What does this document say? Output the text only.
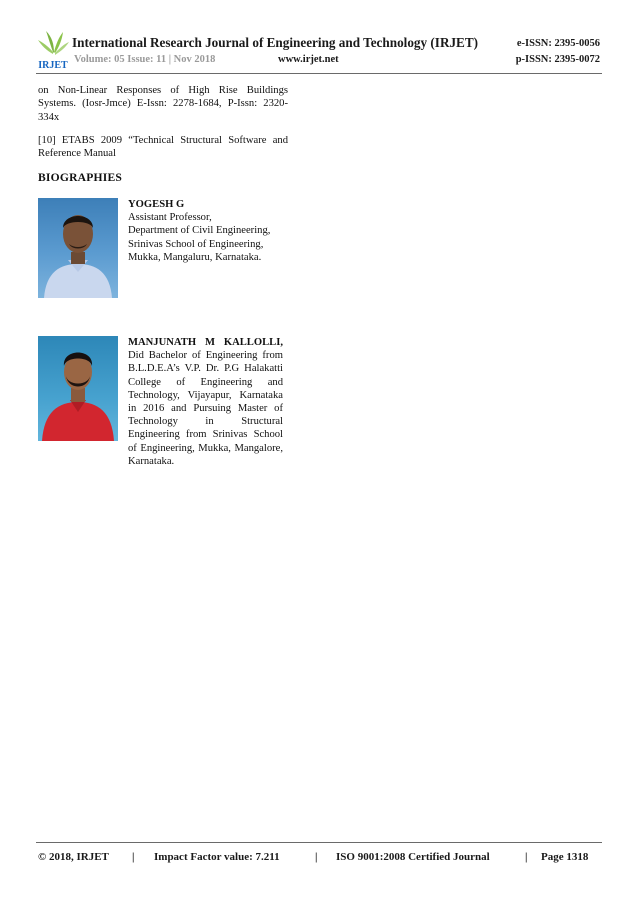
IRJET
International Research Journal of Engineering and Technology (IRJET)
Volume: 05 Issue: 11 | Nov 2018	www.irjet.net
e-ISSN: 2395-0056
p-ISSN: 2395-0072

on Non-Linear Responses of High Rise Buildings Systems. (Iosr-Jmce) E-Issn: 2278-1684, P-Issn: 2320-334x

[10] ETABS 2009 “Technical Structural Software and Reference Manual

BIOGRAPHIES

YOGESH G

Assistant Professor,

Department of Civil Engineering,

Srinivas School of Engineering,

Mukka, Mangaluru, Karnataka.

MANJUNATH M KALLOLLI, Did Bachelor of Engineering from B.L.D.E.A’s V.P. Dr. P.G Halakatti College of Engineering and Technology, Vijayapur, Karnataka in 2016 and Pursuing Master of Technology in Structural Engineering from Srinivas School of Engineering, Mukka, Mangalore, Karnataka.

© 2018, IRJET | Impact Factor value: 7.211	| ISO 9001:2008 Certified Journal	| Page 1318
